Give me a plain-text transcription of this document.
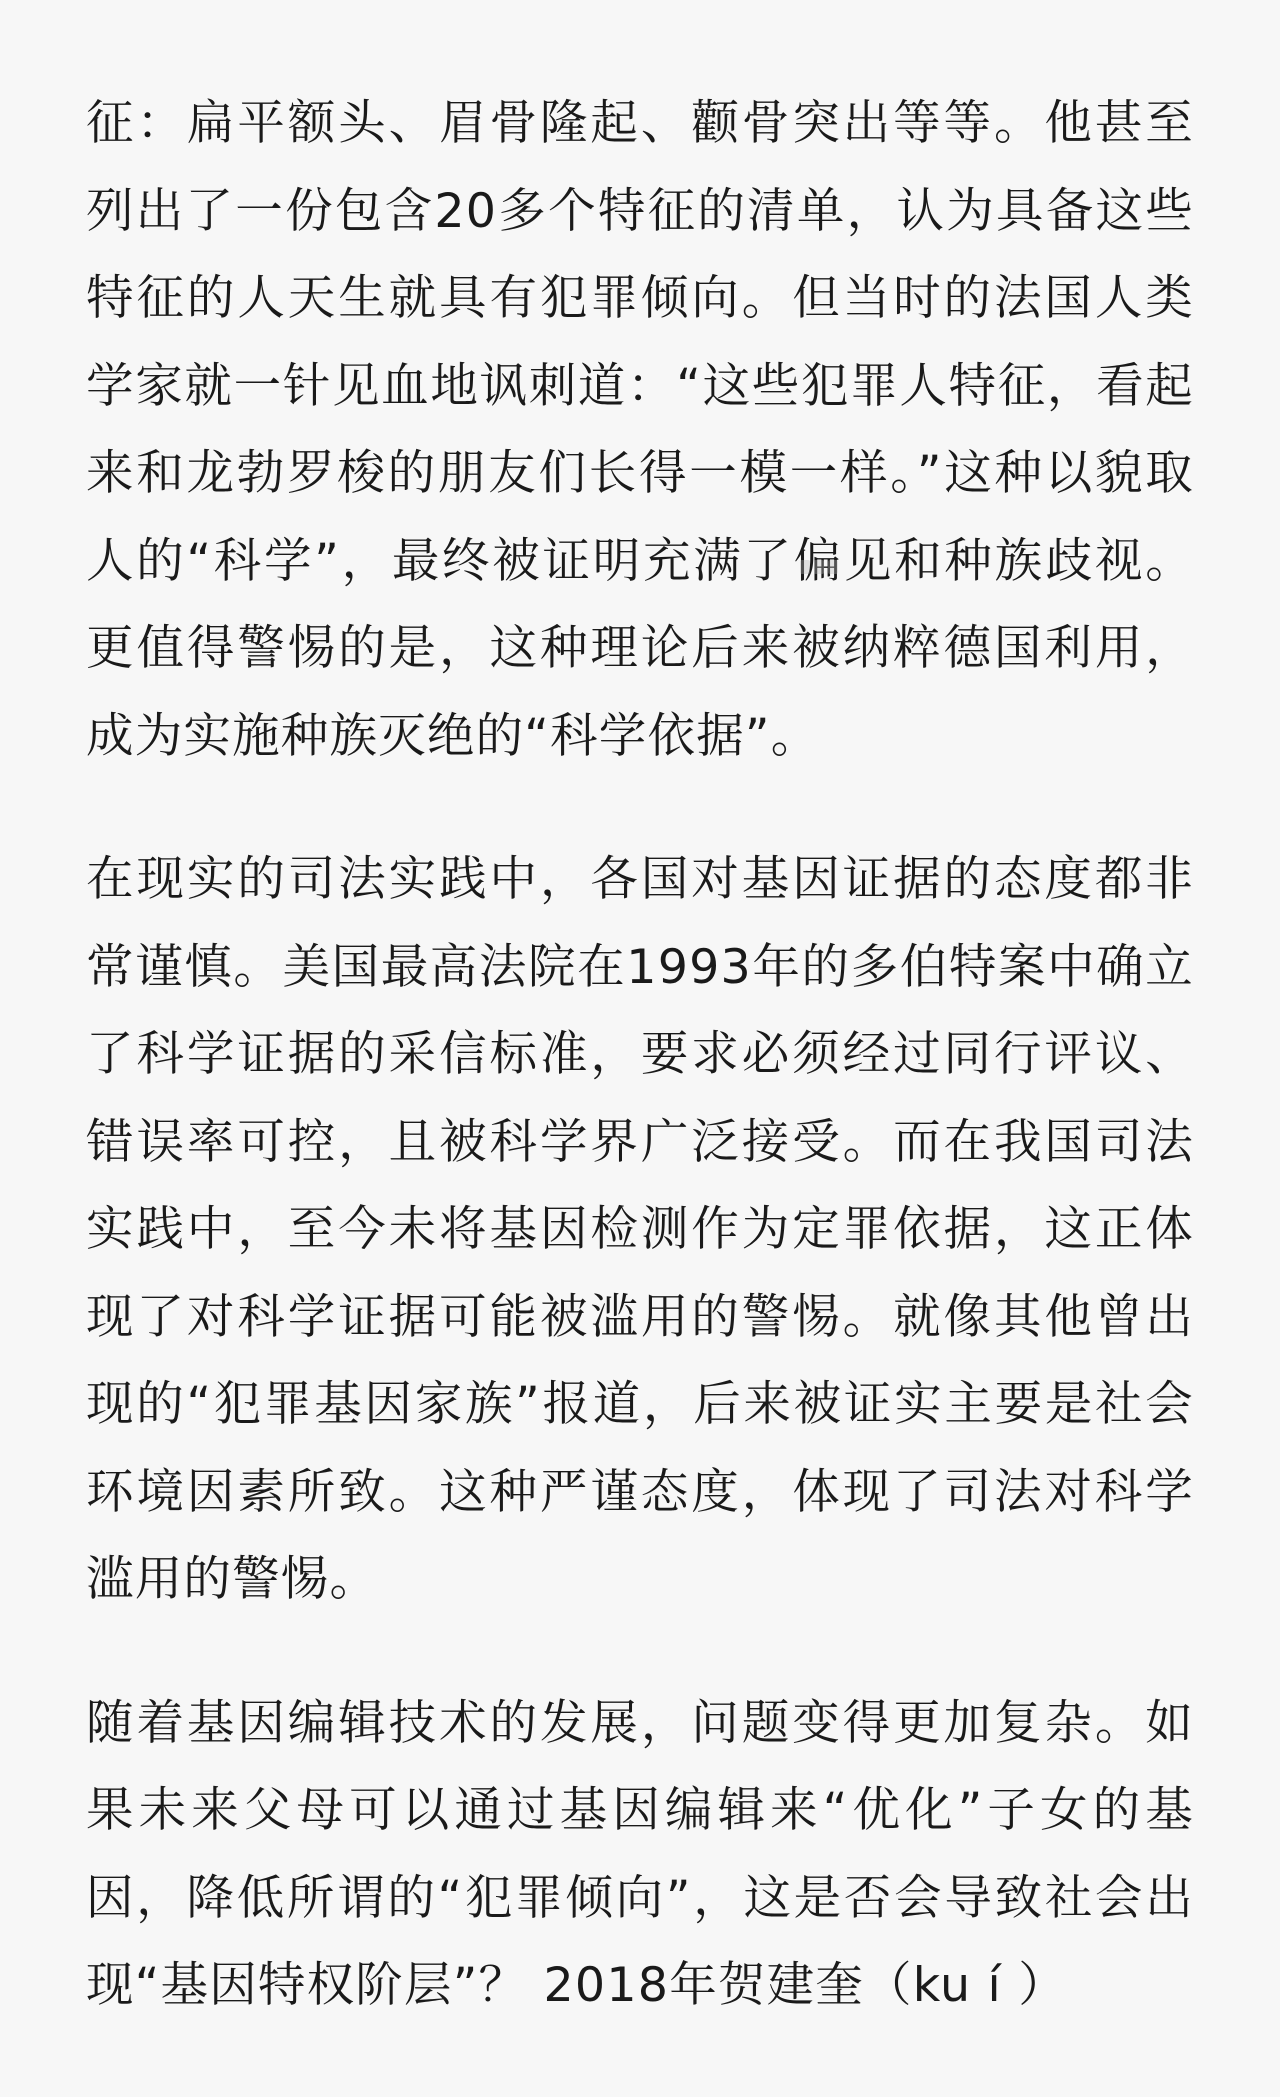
征：扁平额头、眉骨隆起、颧骨突出等等。他甚至列出了一份包含20多个特征的清单，认为具备这些特征的人天生就具有犯罪倾向。但当时的法国人类学家就一针见血地讽刺道：“这些犯罪人特征，看起来和龙勃罗梭的朋友们长得一模一样。”这种以貌取人的“科学”，最终被证明充满了偏见和种族歧视。更值得警惕的是，这种理论后来被纳粹德国利用，成为实施种族灭绝的“科学依据”。

在现实的司法实践中，各国对基因证据的态度都非常谨慎。美国最高法院在1993年的多伯特案中确立了科学证据的采信标准，要求必须经过同行评议、错误率可控，且被科学界广泛接受。而在我国司法实践中，至今未将基因检测作为定罪依据，这正体现了对科学证据可能被滥用的警惕。就像其他曾出现的“犯罪基因家族”报道，后来被证实主要是社会环境因素所致。这种严谨态度，体现了司法对科学滥用的警惕。

随着基因编辑技术的发展，问题变得更加复杂。如果未来父母可以通过基因编辑来“优化”子女的基因，降低所谓的“犯罪倾向”，这是否会导致社会出现“基因特权阶层”？ 2018年贺建奎（ku í ）
